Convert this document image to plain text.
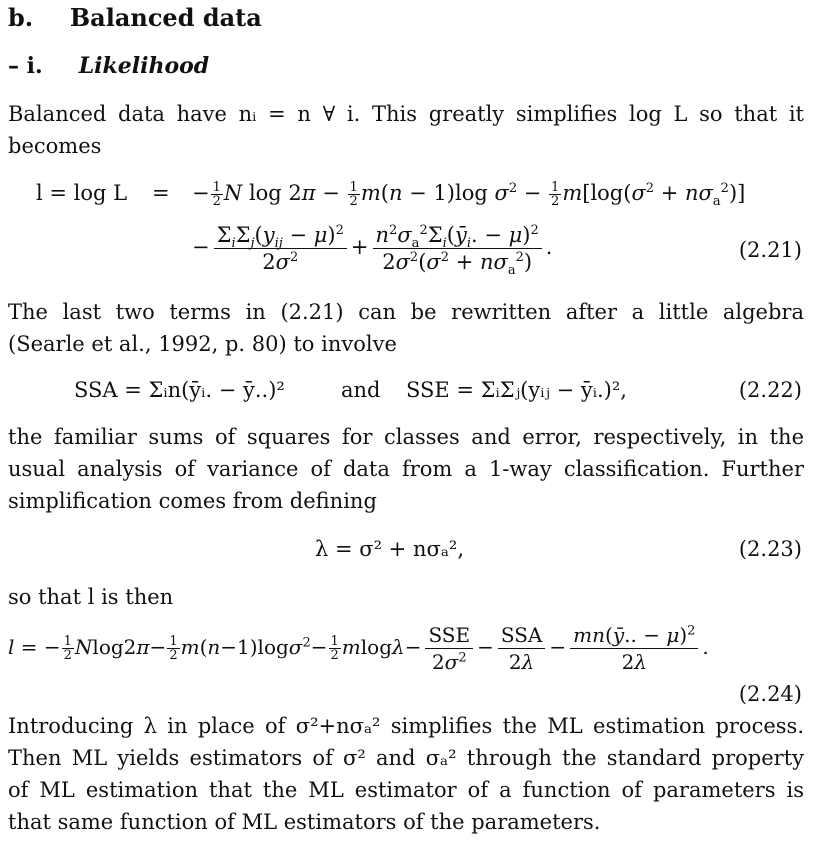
b. Balanced data
– i. Likelihood
Balanced data have nᵢ = n ∀ i. This greatly simplifies log L so that it
becomes
l = log L = − $\frac{1}{2}$ N $\log 2\pi - \frac{1}{2} m(n - 1)\log$ $\sigma^2 - \frac{1}{2} m[\log(\sigma^2 + n\sigma_a^2)]$
− $\frac{\Sigma_i\Sigma_j(y_{ij} - \mu)^2}{2\sigma^2} + \frac{n^2\sigma_a^2\Sigma_i(ȳ_i. - \mu)^2}{2\sigma^2(\sigma^2 + n\sigma_a^2)}$ .	(2.21)
The last two terms in (2.21) can be rewritten after a little algebra
(Searle et al., 1992, p. 80) to involve
SSA = Σᵢn(ȳᵢ. − ȳ..)²	and SSE = ΣᵢΣⱼ(yᵢⱼ − ȳᵢ.)²,	(2.22)
the familiar sums of squares for classes and error, respectively, in the
usual analysis of variance of data from a 1-way classification. Further
simplification comes from defining
λ = σ² + nσₐ²,	(2.23)
so that l is then
l = − $\frac{1}{2} Nlog2\pi- \frac{1}{2} m(n-1)\log\sigma^2- \frac{1}{2} mlog\lambda- \frac{\text{SSE}}{2\sigma^2} - \frac{\text{SSA}}{2\lambda} - \frac{mn(ȳ.. - \mu)^2}{2\lambda}$ .
(2.24)
Introducing λ in place of σ²+nσₐ² simplifies the ML estimation process.
Then ML yields estimators of σ² and σₐ² through the standard property
of ML estimation that the ML estimator of a function of parameters is
that same function of ML estimators of the parameters.
